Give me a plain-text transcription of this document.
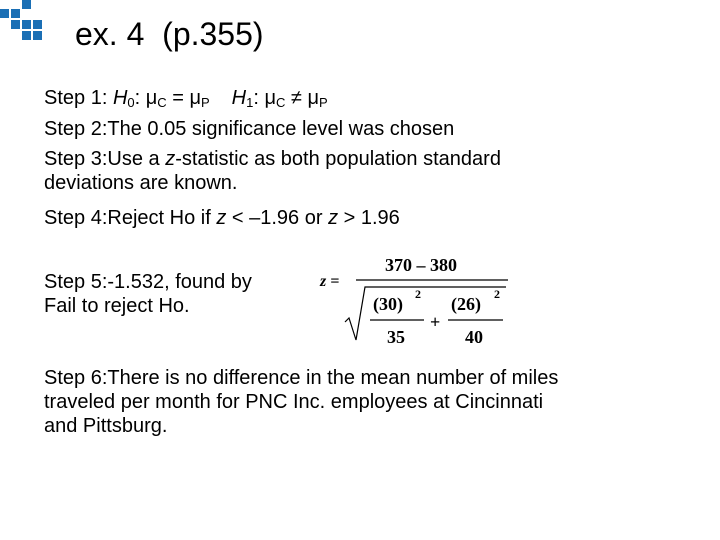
ex. 4  (p.355)
Step 1: $H_0$: $\mu_C = \mu_P$ $H_1$: $\mu_C \ne \mu_P$
Step 2:The 0.05 significance level was chosen
Step 3:Use a z-statistic as both population standard
deviations are known.
Step 4:Reject Ho if z < –1.96 or z > 1.96
Step 5:-1.532, found by
Fail to reject Ho.
z =
370 – 380
(30) 2
35
+
(26) 2
40
Step 6:There is no difference in the mean number of miles
traveled per month for PNC Inc. employees at Cincinnati
and Pittsburg.
